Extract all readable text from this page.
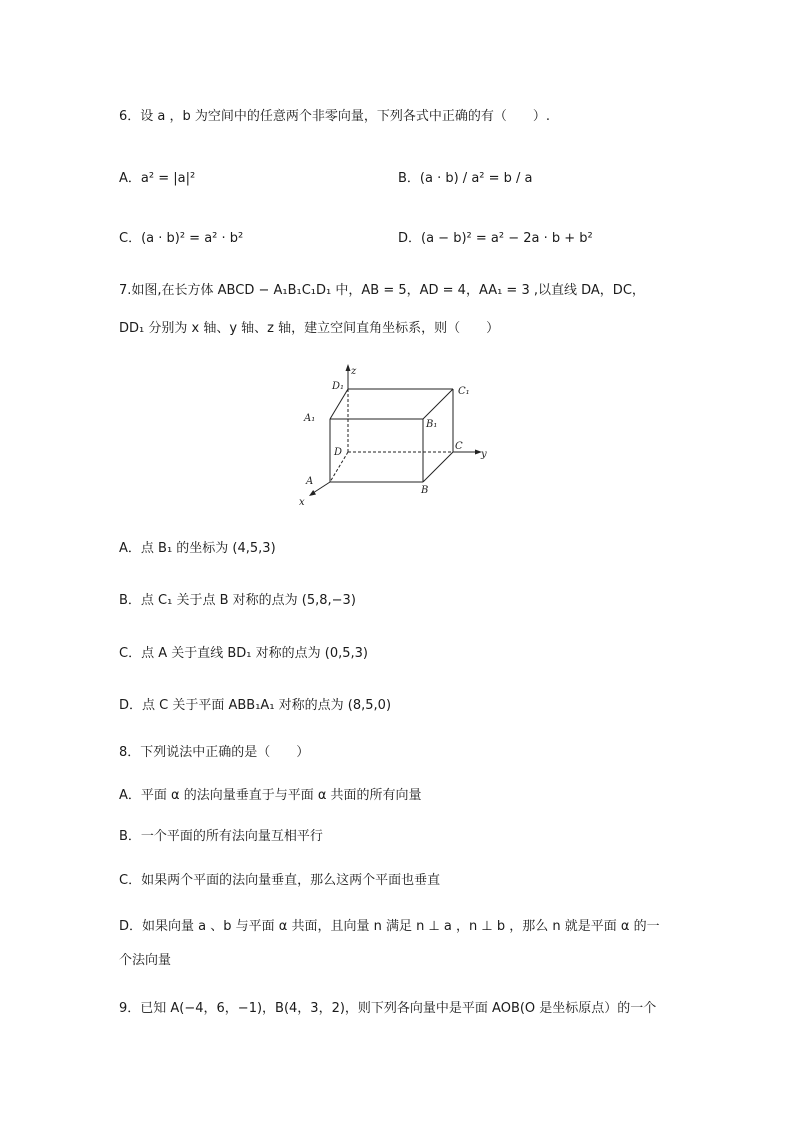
6．设 a ，b 为空间中的任意两个非零向量，下列各式中正确的有（　　）.
A．a² = |a|²	B．(a · b) / a² = b / a
C．(a · b)² = a² · b²	D．(a − b)² = a² − 2a · b + b²
7.如图,在长方体 ABCD − A₁B₁C₁D₁ 中，AB = 5，AD = 4，AA₁ = 3 ,以直线 DA，DC，
DD₁ 分别为 x 轴、y 轴、z 轴，建立空间直角坐标系，则（　　）
z
D₁	C₁
A₁
B₁
C
D	y
A
B
x
A．点 B₁ 的坐标为 (4,5,3)
B．点 C₁ 关于点 B 对称的点为 (5,8,−3)
C．点 A 关于直线 BD₁ 对称的点为 (0,5,3)
D．点 C 关于平面 ABB₁A₁ 对称的点为 (8,5,0)
8．下列说法中正确的是（　　）
A．平面 α 的法向量垂直于与平面 α 共面的所有向量
B．一个平面的所有法向量互相平行
C．如果两个平面的法向量垂直，那么这两个平面也垂直
D．如果向量 a 、b 与平面 α 共面，且向量 n 满足 n ⊥ a ，n ⊥ b ，那么 n 就是平面 α 的一
个法向量
9．已知 A(−4，6，−1)，B(4，3，2)，则下列各向量中是平面 AOB(O 是坐标原点）的一个
